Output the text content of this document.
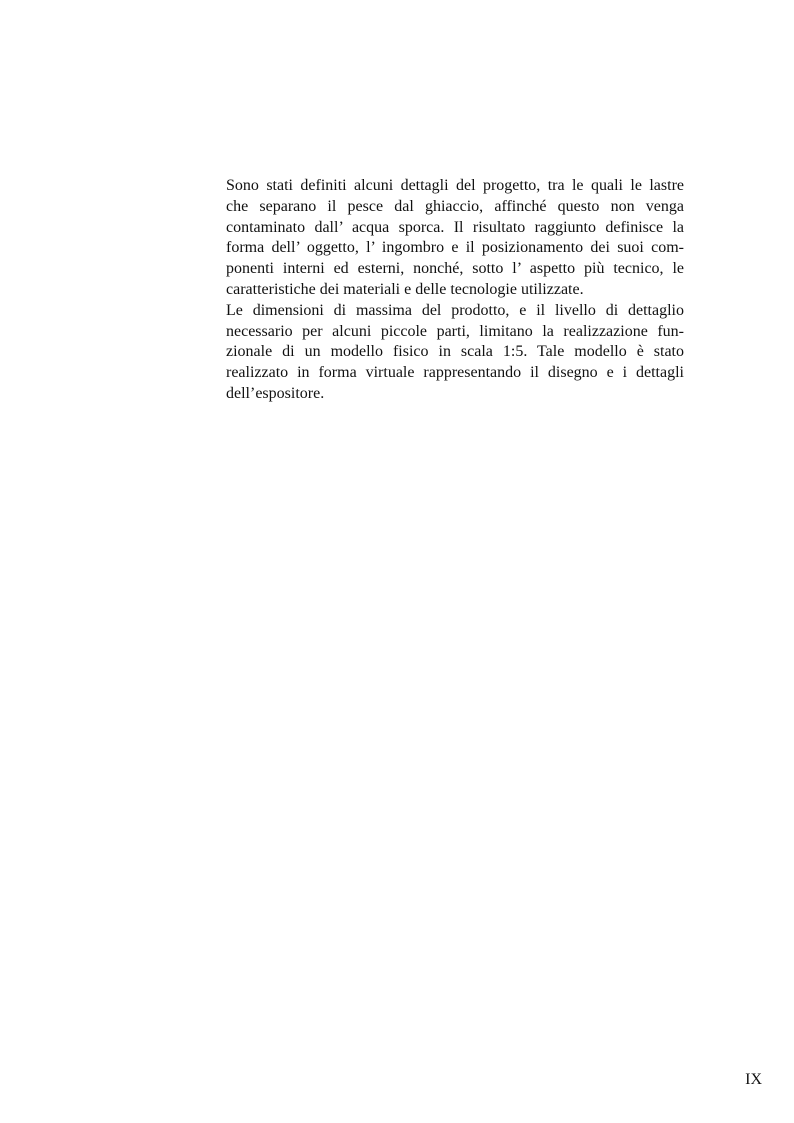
Sono stati definiti alcuni dettagli del progetto, tra le quali le lastre
che separano il pesce dal ghiaccio, affinché questo non venga
contaminato dall’ acqua sporca. Il risultato raggiunto definisce la
forma dell’ oggetto, l’ ingombro e il posizionamento dei suoi com-
ponenti interni ed esterni, nonché, sotto l’ aspetto più tecnico, le
caratteristiche dei materiali e delle tecnologie utilizzate.
Le dimensioni di massima del prodotto, e il livello di dettaglio
necessario per alcuni piccole parti, limitano la realizzazione fun-
zionale di un modello fisico in scala 1:5. Tale modello è stato
realizzato in forma virtuale rappresentando il disegno e i dettagli
dell’espositore.
IX
